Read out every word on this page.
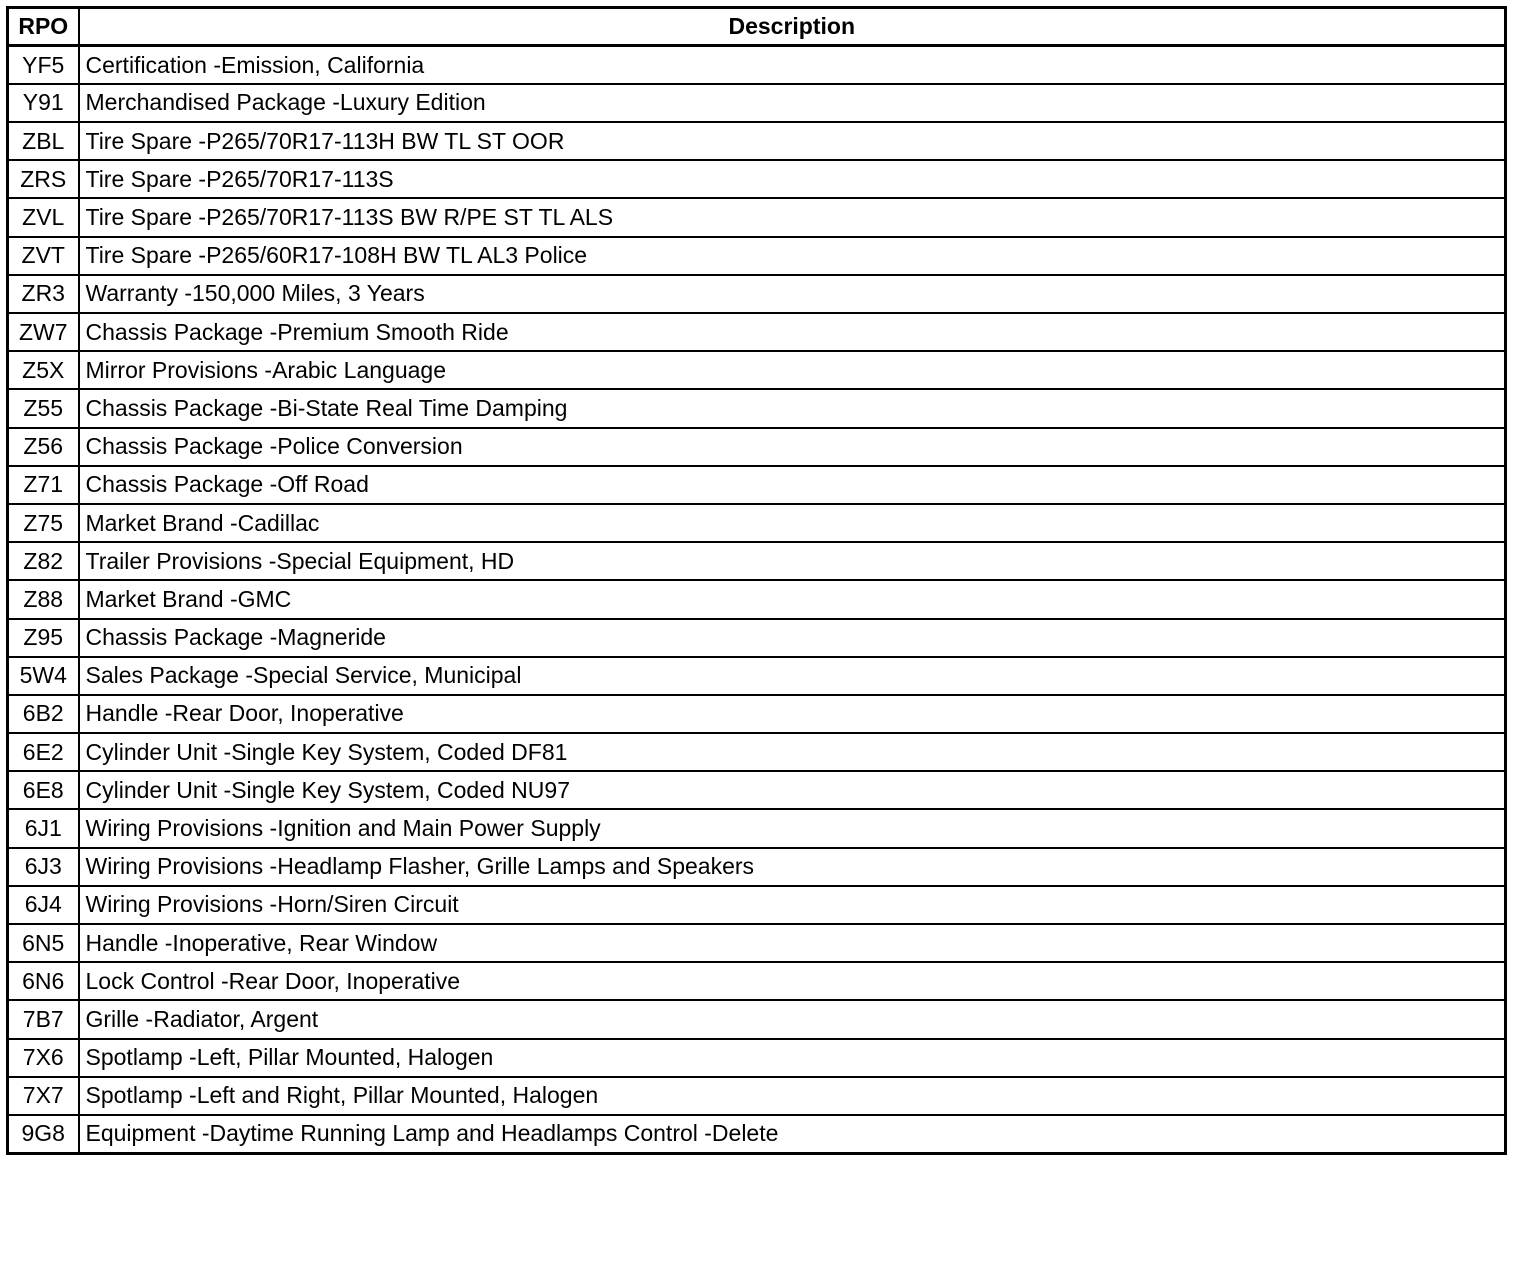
RPO	Description
YF5	Certification -Emission, California
Y91	Merchandised Package -Luxury Edition
ZBL	Tire Spare -P265/70R17-113H BW TL ST OOR
ZRS	Tire Spare -P265/70R17-113S
ZVL	Tire Spare -P265/70R17-113S BW R/PE ST TL ALS
ZVT	Tire Spare -P265/60R17-108H BW TL AL3 Police
ZR3	Warranty -150,000 Miles, 3 Years
ZW7	Chassis Package -Premium Smooth Ride
Z5X	Mirror Provisions -Arabic Language
Z55	Chassis Package -Bi-State Real Time Damping
Z56	Chassis Package -Police Conversion
Z71	Chassis Package -Off Road
Z75	Market Brand -Cadillac
Z82	Trailer Provisions -Special Equipment, HD
Z88	Market Brand -GMC
Z95	Chassis Package -Magneride
5W4	Sales Package -Special Service, Municipal
6B2	Handle -Rear Door, Inoperative
6E2	Cylinder Unit -Single Key System, Coded DF81
6E8	Cylinder Unit -Single Key System, Coded NU97
6J1	Wiring Provisions -Ignition and Main Power Supply
6J3	Wiring Provisions -Headlamp Flasher, Grille Lamps and Speakers
6J4	Wiring Provisions -Horn/Siren Circuit
6N5	Handle -Inoperative, Rear Window
6N6	Lock Control -Rear Door, Inoperative
7B7	Grille -Radiator, Argent
7X6	Spotlamp -Left, Pillar Mounted, Halogen
7X7	Spotlamp -Left and Right, Pillar Mounted, Halogen
9G8	Equipment -Daytime Running Lamp and Headlamps Control -Delete
